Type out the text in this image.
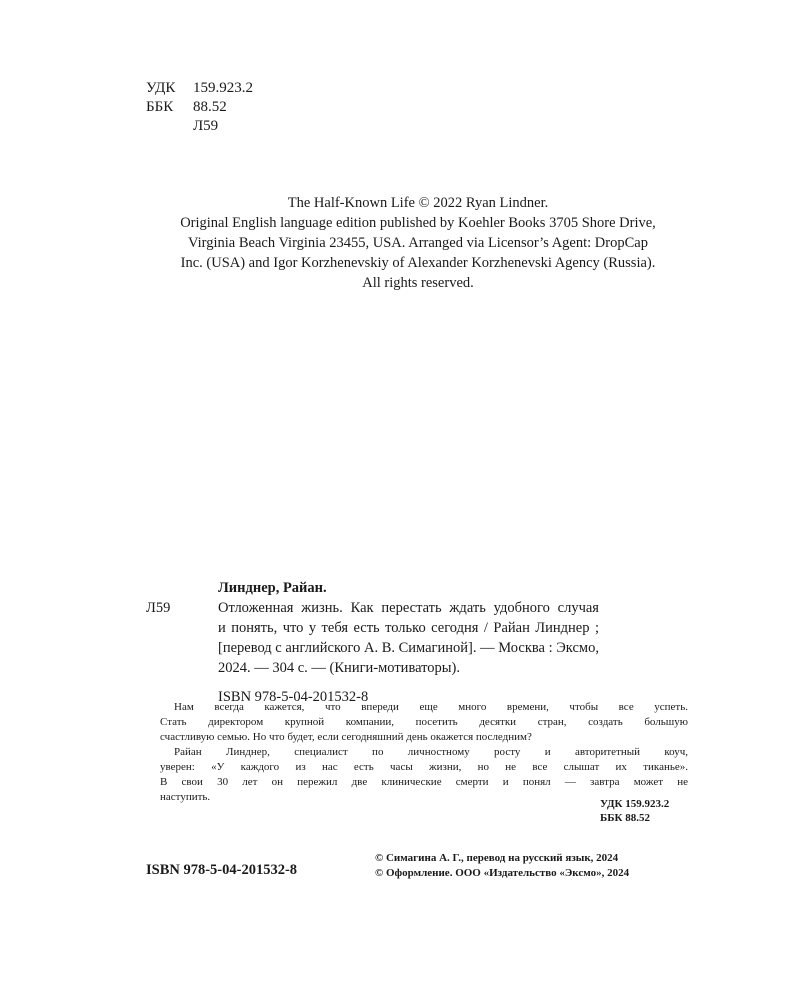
УДК	159.923.2
ББК	88.52
Л59
The Half-Known Life © 2022 Ryan Lindner.
Original English language edition published by Koehler Books 3705 Shore Drive,
Virginia Beach Virginia 23455, USA. Arranged via Licensor’s Agent: DropCap
Inc. (USA) and Igor Korzhenevskiy of Alexander Korzhenevski Agency (Russia).
All rights reserved.
Линднер, Райан.
Л59	Отложенная жизнь. Как перестать ждать удобного случая
и понять, что у тебя есть только сегодня / Райан Линднер ;
[перевод с английского А. В. Симагиной]. — Москва : Эксмо,
2024. — 304 с. — (Книги-мотиваторы).
ISBN 978-5-04-201532-8
Нам всегда кажется, что впереди еще много времени, чтобы все успеть.
Стать директором крупной компании, посетить десятки стран, создать большую
счастливую семью. Но что будет, если сегодняшний день окажется последним?
Райан Линднер, специалист по личностному росту и авторитетный коуч,
уверен: «У каждого из нас есть часы жизни, но не все слышат их тиканье».
В свои 30 лет он пережил две клинические смерти и понял — завтра может не
наступить.
УДК 159.923.2
ББК 88.52
ISBN 978-5-04-201532-8
© Симагина А. Г., перевод на русский язык, 2024
© Оформление. ООО «Издательство «Эксмо», 2024
